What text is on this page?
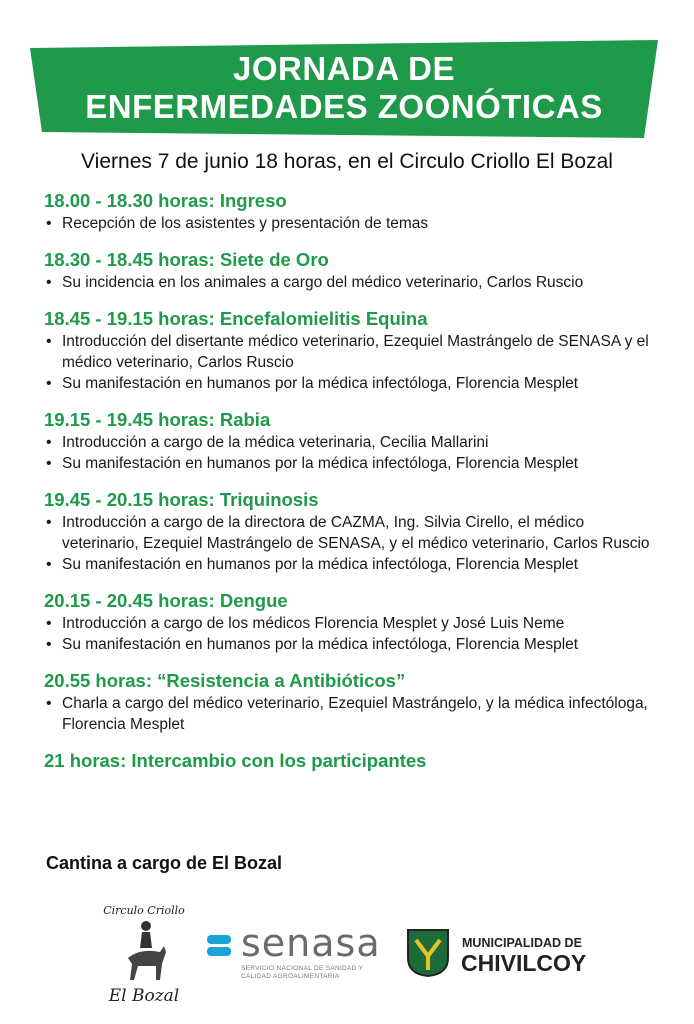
JORNADA DE
ENFERMEDADES ZOONÓTICAS
Viernes 7 de junio 18 horas, en el Circulo Criollo El Bozal
18.00 - 18.30 horas: Ingreso
• Recepción de los asistentes y presentación de temas
18.30 - 18.45 horas: Siete de Oro
• Su incidencia en los animales a cargo del médico veterinario, Carlos Ruscio
18.45 - 19.15 horas: Encefalomielitis Equina
• Introducción del disertante médico veterinario, Ezequiel Mastrángelo de SENASA y el médico veterinario, Carlos Ruscio
• Su manifestación en humanos por la médica infectóloga, Florencia Mesplet
19.15 - 19.45 horas: Rabia
• Introducción a cargo de la médica veterinaria, Cecilia Mallarini
• Su manifestación en humanos por la médica infectóloga, Florencia Mesplet
19.45 - 20.15 horas: Triquinosis
• Introducción a cargo de la directora de CAZMA, Ing. Silvia Cirello, el médico veterinario, Ezequiel Mastrángelo de SENASA, y el médico veterinario, Carlos Ruscio
• Su manifestación en humanos por la médica infectóloga, Florencia Mesplet
20.15 - 20.45 horas: Dengue
• Introducción a cargo de los médicos Florencia Mesplet y José Luis Neme
• Su manifestación en humanos por la médica infectóloga, Florencia Mesplet
20.55 horas: “Resistencia a Antibióticos”
• Charla a cargo del médico veterinario, Ezequiel Mastrángelo, y la médica infectóloga, Florencia Mesplet
21 horas: Intercambio con los participantes
Cantina a cargo de El Bozal
Circulo Criollo
El Bozal
senasa
SERVICIO NACIONAL DE SANIDAD Y CALIDAD AGROALIMENTARIA
MUNICIPALIDAD DE
CHIVILCOY
